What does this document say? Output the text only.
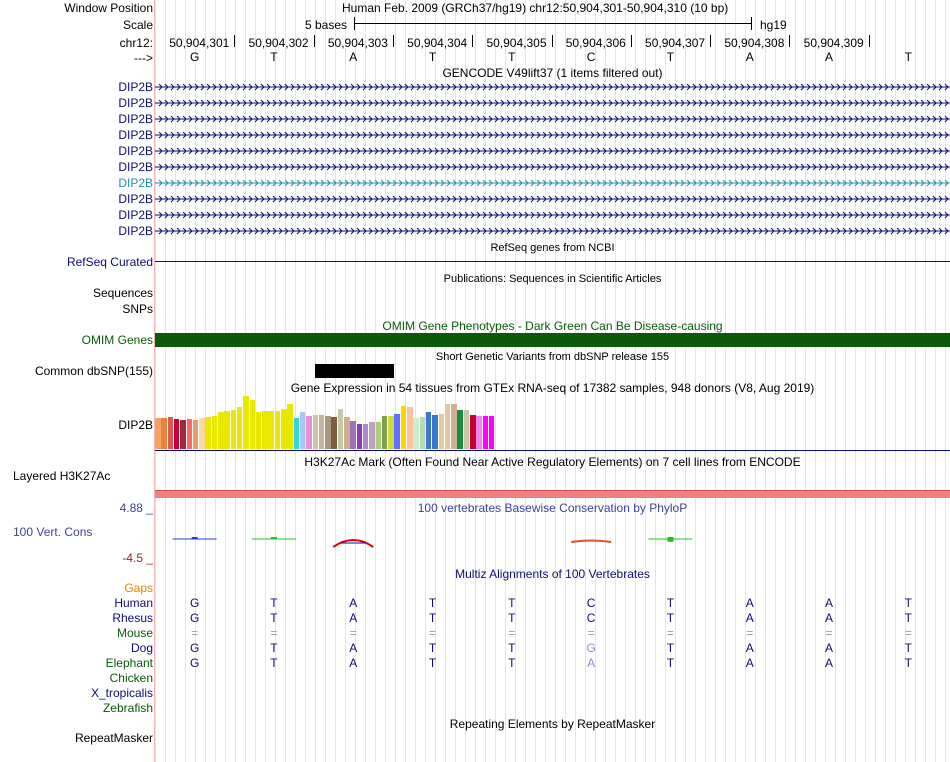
Window Position	Human Feb. 2009 (GRCh37/hg19) chr12:50,904,301-50,904,310 (10 bp)
Scale	5 bases	hg19
chr12: 50,904,301 50,904,302 50,904,303 50,904,304 50,904,305 50,904,306 50,904,307 50,904,308 50,904,309
--->	G	T	A	T	T	C	T	A	A	T
GENCODE V49lift37 (1 items filtered out)
DIP2B
DIP2B
DIP2B
DIP2B
DIP2B
DIP2B
DIP2B
DIP2B
DIP2B
DIP2B
RefSeq genes from NCBI
RefSeq Curated
Publications: Sequences in Scientific Articles
Sequences
SNPs
OMIM Gene Phenotypes - Dark Green Can Be Disease-causing
OMIM Genes
Short Genetic Variants from dbSNP release 155
Common dbSNP(155)
Gene Expression in 54 tissues from GTEx RNA-seq of 17382 samples, 948 donors (V8, Aug 2019)
DIP2B
H3K27Ac Mark (Often Found Near Active Regulatory Elements) on 7 cell lines from ENCODE
Layered H3K27Ac
100 vertebrates Basewise Conservation by PhyloP
4.88 _
100 Vert. Cons
-4.5 _
Multiz Alignments of 100 Vertebrates
Gaps
Human	G	T	A	T	T	C	T	A	A	T
Rhesus	G	T	A	T	T	C	T	A	A	T
Mouse	=	=	=	=	=	=	=	=	=	=
Dog	G	T	A	T	T	G	T	A	A	T
Elephant	G	T	A	T	T	A	T	A	A	T
Chicken
X_tropicalis
Zebrafish
Repeating Elements by RepeatMasker
RepeatMasker
